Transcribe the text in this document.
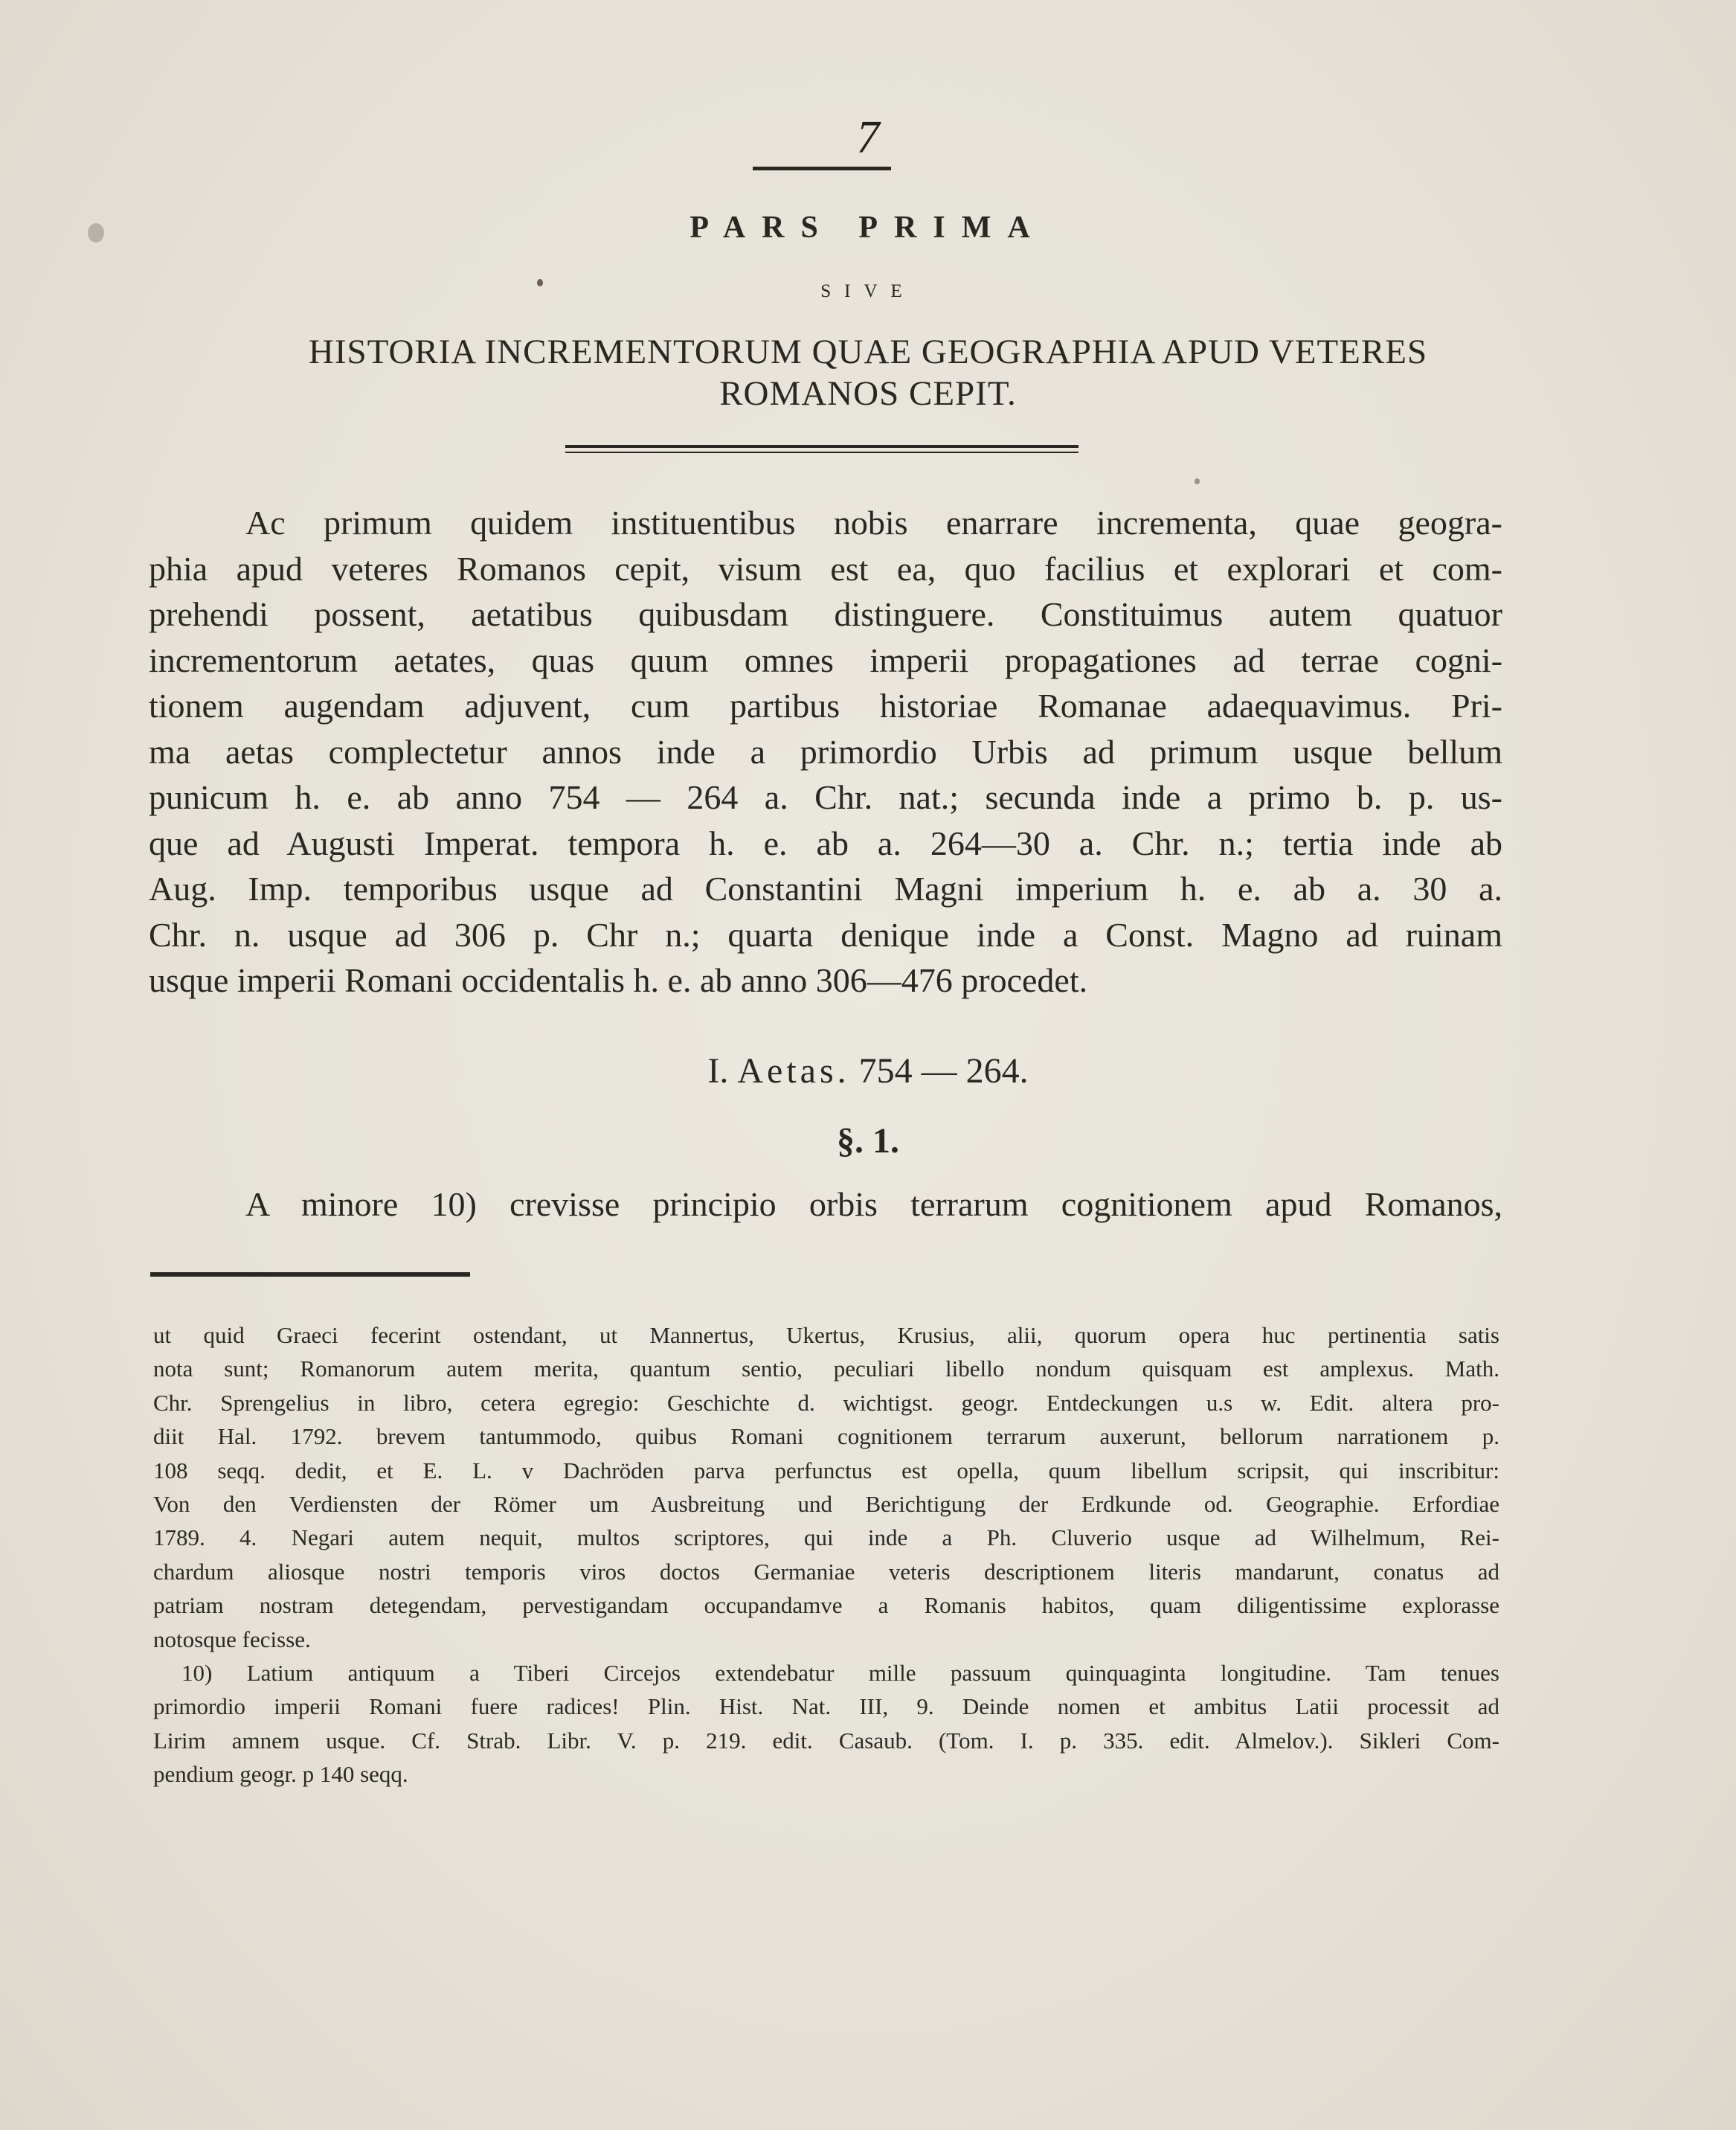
7
PARS PRIMA
SIVE
HISTORIA INCREMENTORUM QUAE GEOGRAPHIA APUD VETERES
ROMANOS CEPIT.
Ac primum quidem instituentibus nobis enarrare incrementa, quae geogra-
phia apud veteres Romanos cepit, visum est ea, quo facilius et explorari et com-
prehendi possent, aetatibus quibusdam distinguere. Constituimus autem quatuor
incrementorum aetates, quas quum omnes imperii propagationes ad terrae cogni-
tionem augendam adjuvent, cum partibus historiae Romanae adaequavimus. Pri-
ma aetas complectetur annos inde a primordio Urbis ad primum usque bellum
punicum h. e. ab anno 754 — 264 a. Chr. nat.; secunda inde a primo b. p. us-
que ad Augusti Imperat. tempora h. e. ab a. 264—30 a. Chr. n.; tertia inde ab
Aug. Imp. temporibus usque ad Constantini Magni imperium h. e. ab a. 30 a.
Chr. n. usque ad 306 p. Chr n.; quarta denique inde a Const. Magno ad ruinam
usque imperii Romani occidentalis h. e. ab anno 306—476 procedet.
I. Aetas. 754 — 264.
§. 1.
A minore 10) crevisse principio orbis terrarum cognitionem apud Romanos,
ut quid Graeci fecerint ostendant, ut Mannertus, Ukertus, Krusius, alii, quorum opera huc pertinentia satis
nota sunt; Romanorum autem merita, quantum sentio, peculiari libello nondum quisquam est amplexus. Math.
Chr. Sprengelius in libro, cetera egregio: Geschichte d. wichtigst. geogr. Entdeckungen u.s w. Edit. altera pro-
diit Hal. 1792. brevem tantummodo, quibus Romani cognitionem terrarum auxerunt, bellorum narrationem p.
108 seqq. dedit, et E. L. v Dachröden parva perfunctus est opella, quum libellum scripsit, qui inscribitur:
Von den Verdiensten der Römer um Ausbreitung und Berichtigung der Erdkunde od. Geographie. Erfordiae
1789. 4. Negari autem nequit, multos scriptores, qui inde a Ph. Cluverio usque ad Wilhelmum, Rei-
chardum aliosque nostri temporis viros doctos Germaniae veteris descriptionem literis mandarunt, conatus ad
patriam nostram detegendam, pervestigandam occupandamve a Romanis habitos, quam diligentissime explorasse
notosque fecisse.
10) Latium antiquum a Tiberi Circejos extendebatur mille passuum quinquaginta longitudine. Tam tenues
primordio imperii Romani fuere radices! Plin. Hist. Nat. III, 9. Deinde nomen et ambitus Latii processit ad
Lirim amnem usque. Cf. Strab. Libr. V. p. 219. edit. Casaub. (Tom. I. p. 335. edit. Almelov.). Sikleri Com-
pendium geogr. p 140 seqq.
